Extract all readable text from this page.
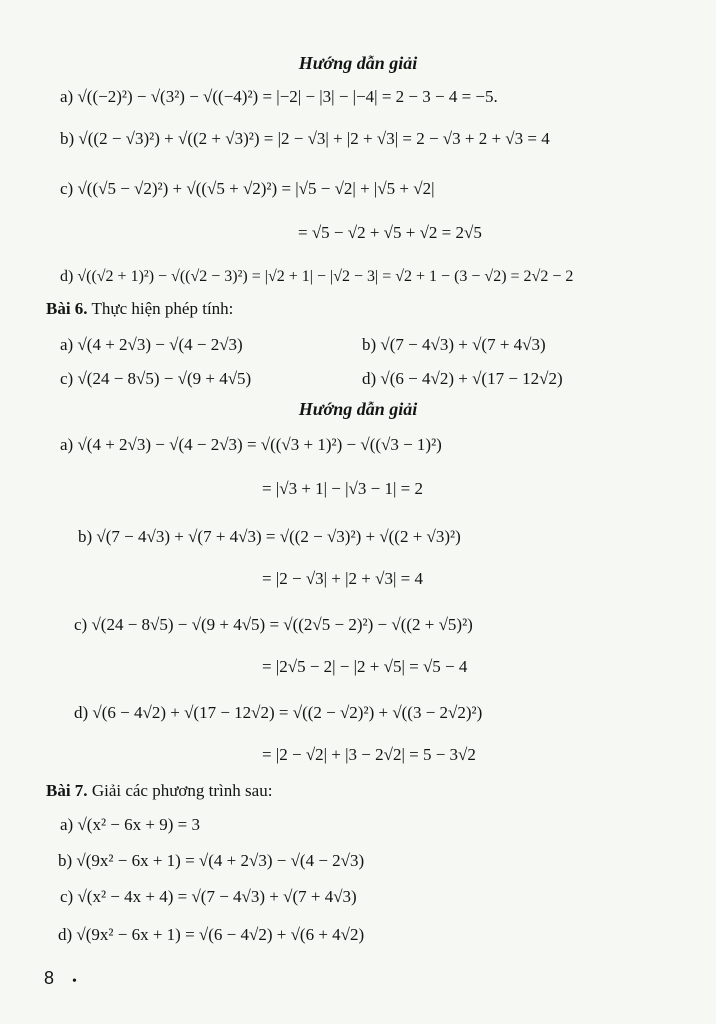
Hướng dẫn giải
a) √((−2)²) − √(3²) − √((−4)²) = |−2| − |3| − |−4| = 2 − 3 − 4 = −5.
b) √((2 − √3)²) + √((2 + √3)²) = |2 − √3| + |2 + √3| = 2 − √3 + 2 + √3 = 4
c) √((√5 − √2)²) + √((√5 + √2)²) = |√5 − √2| + |√5 + √2|
= √5 − √2 + √5 + √2 = 2√5
d) √((√2 + 1)²) − √((√2 − 3)²) = |√2 + 1| − |√2 − 3| = √2 + 1 − (3 − √2) = 2√2 − 2
Bài 6. Thực hiện phép tính:
a) √(4 + 2√3) − √(4 − 2√3)	b) √(7 − 4√3) + √(7 + 4√3)
c) √(24 − 8√5) − √(9 + 4√5)	d) √(6 − 4√2) + √(17 − 12√2)
Hướng dẫn giải
a) √(4 + 2√3) − √(4 − 2√3) = √((√3 + 1)²) − √((√3 − 1)²)
= |√3 + 1| − |√3 − 1| = 2
b) √(7 − 4√3) + √(7 + 4√3) = √((2 − √3)²) + √((2 + √3)²)
= |2 − √3| + |2 + √3| = 4
c) √(24 − 8√5) − √(9 + 4√5) = √((2√5 − 2)²) − √((2 + √5)²)
= |2√5 − 2| − |2 + √5| = √5 − 4
d) √(6 − 4√2) + √(17 − 12√2) = √((2 − √2)²) + √((3 − 2√2)²)
= |2 − √2| + |3 − 2√2| = 5 − 3√2
Bài 7. Giải các phương trình sau:
a) √(x² − 6x + 9) = 3
b) √(9x² − 6x + 1) = √(4 + 2√3) − √(4 − 2√3)
c) √(x² − 4x + 4) = √(7 − 4√3) + √(7 + 4√3)
d) √(9x² − 6x + 1) = √(6 − 4√2) + √(6 + 4√2)
8 •
